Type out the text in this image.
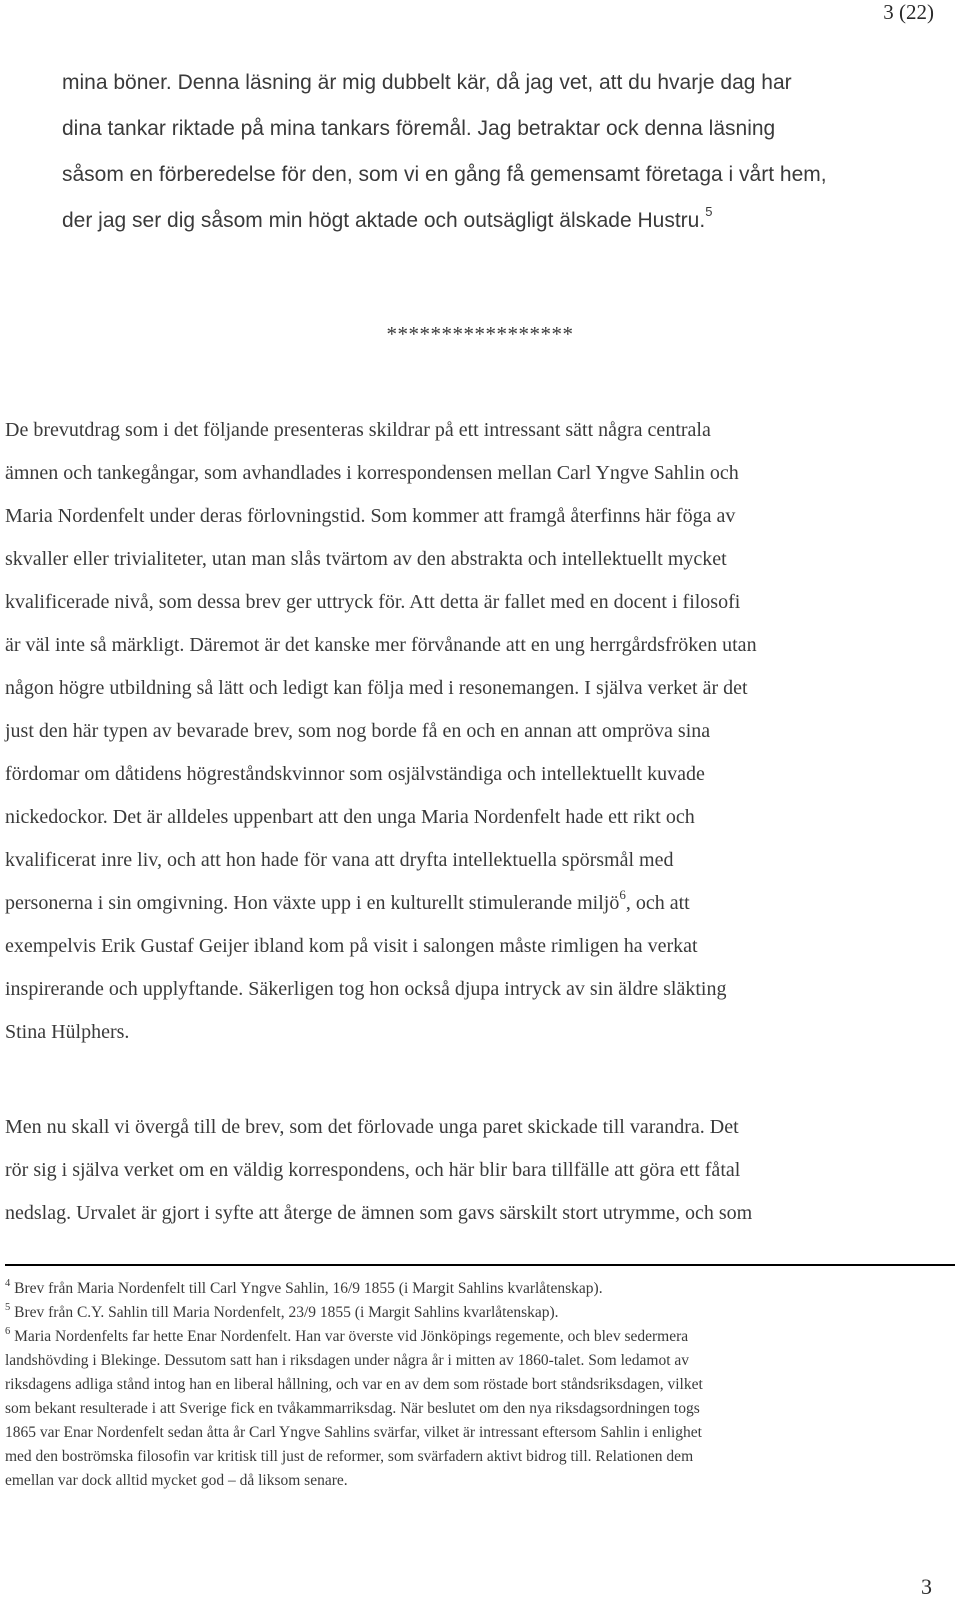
3 (22)
mina böner. Denna läsning är mig dubbelt kär, då jag vet, att du hvarje dag har
dina tankar riktade på mina tankars föremål. Jag betraktar ock denna läsning
såsom en förberedelse för den, som vi en gång få gemensamt företaga i vårt hem,
der jag ser dig såsom min högt aktade och outsägligt älskade Hustru.$^5$
*****************
De brevutdrag som i det följande presenteras skildrar på ett intressant sätt några centrala
ämnen och tankegångar, som avhandlades i korrespondensen mellan Carl Yngve Sahlin och
Maria Nordenfelt under deras förlovningstid. Som kommer att framgå återfinns här föga av
skvaller eller trivialiteter, utan man slås tvärtom av den abstrakta och intellektuellt mycket
kvalificerade nivå, som dessa brev ger uttryck för. Att detta är fallet med en docent i filosofi
är väl inte så märkligt. Däremot är det kanske mer förvånande att en ung herrgårdsfröken utan
någon högre utbildning så lätt och ledigt kan följa med i resonemangen. I själva verket är det
just den här typen av bevarade brev, som nog borde få en och en annan att ompröva sina
fördomar om dåtidens högreståndskvinnor som osjälvständiga och intellektuellt kuvade
nickedockor. Det är alldeles uppenbart att den unga Maria Nordenfelt hade ett rikt och
kvalificerat inre liv, och att hon hade för vana att dryfta intellektuella spörsmål med
personerna i sin omgivning. Hon växte upp i en kulturellt stimulerande miljö$^6$, och att
exempelvis Erik Gustaf Geijer ibland kom på visit i salongen måste rimligen ha verkat
inspirerande och upplyftande. Säkerligen tog hon också djupa intryck av sin äldre släkting
Stina Hülphers.
Men nu skall vi övergå till de brev, som det förlovade unga paret skickade till varandra. Det
rör sig i själva verket om en väldig korrespondens, och här blir bara tillfälle att göra ett fåtal
nedslag. Urvalet är gjort i syfte att återge de ämnen som gavs särskilt stort utrymme, och som

$^4$ Brev från Maria Nordenfelt till Carl Yngve Sahlin, 16/9 1855 (i Margit Sahlins kvarlåtenskap).

$^5$ Brev från C.Y. Sahlin till Maria Nordenfelt, 23/9 1855 (i Margit Sahlins kvarlåtenskap).

$^6$ Maria Nordenfelts far hette Enar Nordenfelt. Han var överste vid Jönköpings regemente, och blev sedermera

landshövding i Blekinge. Dessutom satt han i riksdagen under några år i mitten av 1860-talet. Som ledamot av

riksdagens adliga stånd intog han en liberal hållning, och var en av dem som röstade bort ståndsriksdagen, vilket

som bekant resulterade i att Sverige fick en tvåkammarriksdag. När beslutet om den nya riksdagsordningen togs

1865 var Enar Nordenfelt sedan åtta år Carl Yngve Sahlins svärfar, vilket är intressant eftersom Sahlin i enlighet

med den boströmska filosofin var kritisk till just de reformer, som svärfadern aktivt bidrog till. Relationen dem

emellan var dock alltid mycket god – då liksom senare.

3
